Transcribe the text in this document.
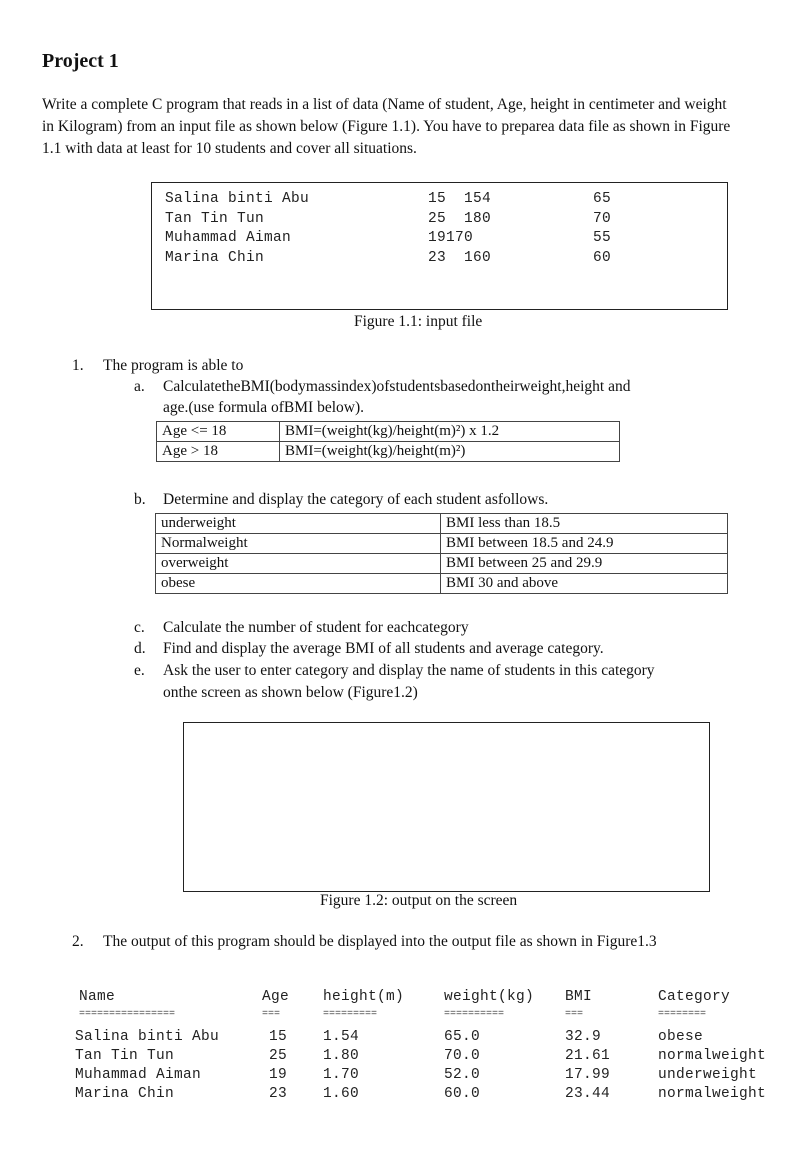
Project 1
Write a complete C program that reads in a list of data (Name of student, Age, height in centimeter and weight in Kilogram) from an input file as shown below (Figure 1.1). You have to preparea data file as shown in Figure 1.1 with data at least for 10 students and cover all situations.
Salina binti Abu	15  154	65
Tan Tin Tun	25  180	70
Muhammad Aiman	19170	55
Marina Chin	23  160	60
Figure 1.1: input file
1. The program is able to
a. CalculatetheBMI(bodymassindex)ofstudentsbasedontheirweight,height and
age.(use formula ofBMI below).
Age <= 18	BMI=(weight(kg)/height(m)²) x 1.2
Age > 18	BMI=(weight(kg)/height(m)²)
b. Determine and display the category of each student asfollows.
underweight	BMI less than 18.5
Normalweight	BMI between 18.5 and 24.9
overweight	BMI between 25 and 29.9
obese	BMI 30 and above
c. Calculate the number of student for eachcategory
d. Find and display the average BMI of all students and average category.
e. Ask the user to enter category and display the name of students in this category
onthe screen as shown below (Figure1.2)
Figure 1.2: output on the screen
2. The output of this program should be displayed into the output file as shown in Figure1.3
Name	Age height(m)	weight(kg) BMI	Category
================	===	=========	==========	===	========
Salina binti Abu	15 1.54	65.0	32.9	obese
Tan Tin Tun	25 1.80	70.0	21.61	normalweight
Muhammad Aiman	19 1.70	52.0	17.99	underweight
Marina Chin	23 1.60	60.0	23.44	normalweight
